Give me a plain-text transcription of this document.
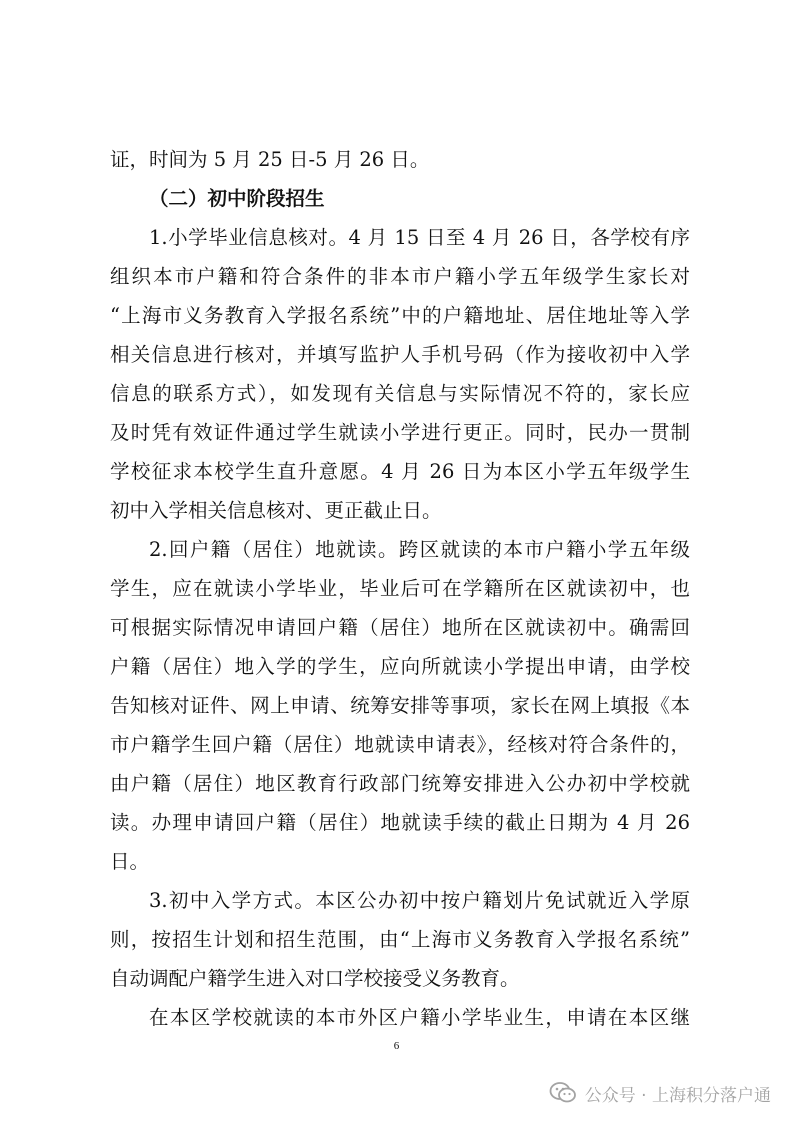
证，时间为 5 月 25 日-5 月 26 日。
（二）初中阶段招生
1.小学毕业信息核对。4 月 15 日至 4 月 26 日，各学校有序
组织本市户籍和符合条件的非本市户籍小学五年级学生家长对
“上海市义务教育入学报名系统”中的户籍地址、居住地址等入学
相关信息进行核对，并填写监护人手机号码（作为接收初中入学
信息的联系方式），如发现有关信息与实际情况不符的，家长应
及时凭有效证件通过学生就读小学进行更正。同时，民办一贯制
学校征求本校学生直升意愿。4 月 26 日为本区小学五年级学生
初中入学相关信息核对、更正截止日。
2.回户籍（居住）地就读。跨区就读的本市户籍小学五年级
学生，应在就读小学毕业，毕业后可在学籍所在区就读初中，也
可根据实际情况申请回户籍（居住）地所在区就读初中。确需回
户籍（居住）地入学的学生，应向所就读小学提出申请，由学校
告知核对证件、网上申请、统筹安排等事项，家长在网上填报《本
市户籍学生回户籍（居住）地就读申请表》，经核对符合条件的，
由户籍（居住）地区教育行政部门统筹安排进入公办初中学校就
读。办理申请回户籍（居住）地就读手续的截止日期为 4 月 26
日。
3.初中入学方式。本区公办初中按户籍划片免试就近入学原
则，按招生计划和招生范围，由“上海市义务教育入学报名系统”
自动调配户籍学生进入对口学校接受义务教育。
在本区学校就读的本市外区户籍小学毕业生，申请在本区继
6
公众号 · 上海积分落户通
